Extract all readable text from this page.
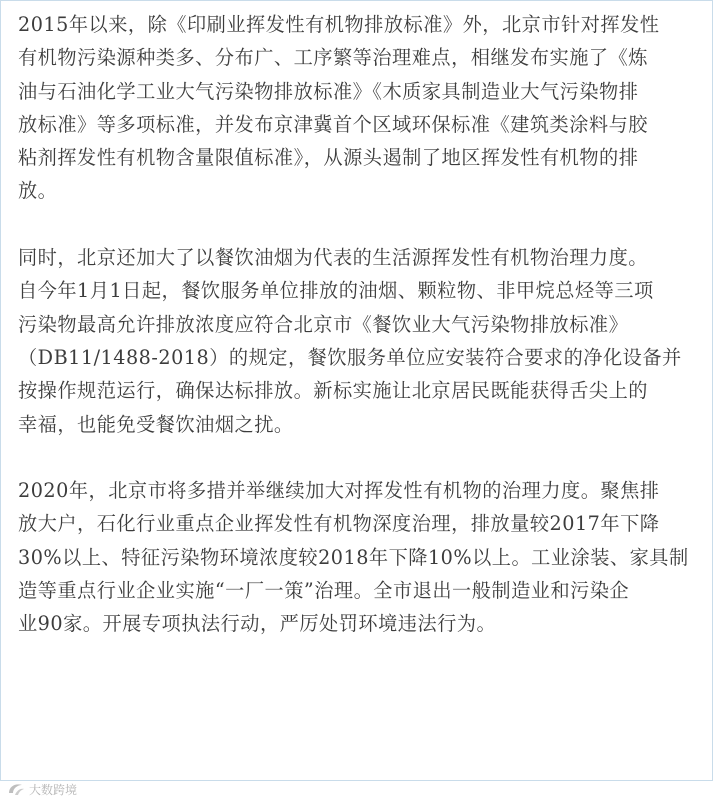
2015年以来，除《印刷业挥发性有机物排放标准》外，北京市针对挥发性
有机物污染源种类多、分布广、工序繁等治理难点，相继发布实施了《炼
油与石油化学工业大气污染物排放标准》《木质家具制造业大气污染物排
放标准》等多项标准，并发布京津冀首个区域环保标准《建筑类涂料与胶
粘剂挥发性有机物含量限值标准》，从源头遏制了地区挥发性有机物的排
放。

同时，北京还加大了以餐饮油烟为代表的生活源挥发性有机物治理力度。
自今年1月1日起，餐饮服务单位排放的油烟、颗粒物、非甲烷总烃等三项
污染物最高允许排放浓度应符合北京市《餐饮业大气污染物排放标准》
（DB11/1488-2018）的规定，餐饮服务单位应安装符合要求的净化设备并
按操作规范运行，确保达标排放。新标实施让北京居民既能获得舌尖上的
幸福，也能免受餐饮油烟之扰。

2020年，北京市将多措并举继续加大对挥发性有机物的治理力度。聚焦排
放大户，石化行业重点企业挥发性有机物深度治理，排放量较2017年下降
30%以上、特征污染物环境浓度较2018年下降10%以上。工业涂装、家具制
造等重点行业企业实施“一厂一策”治理。全市退出一般制造业和污染企
业90家。开展专项执法行动，严厉处罚环境违法行为。

大数跨境
